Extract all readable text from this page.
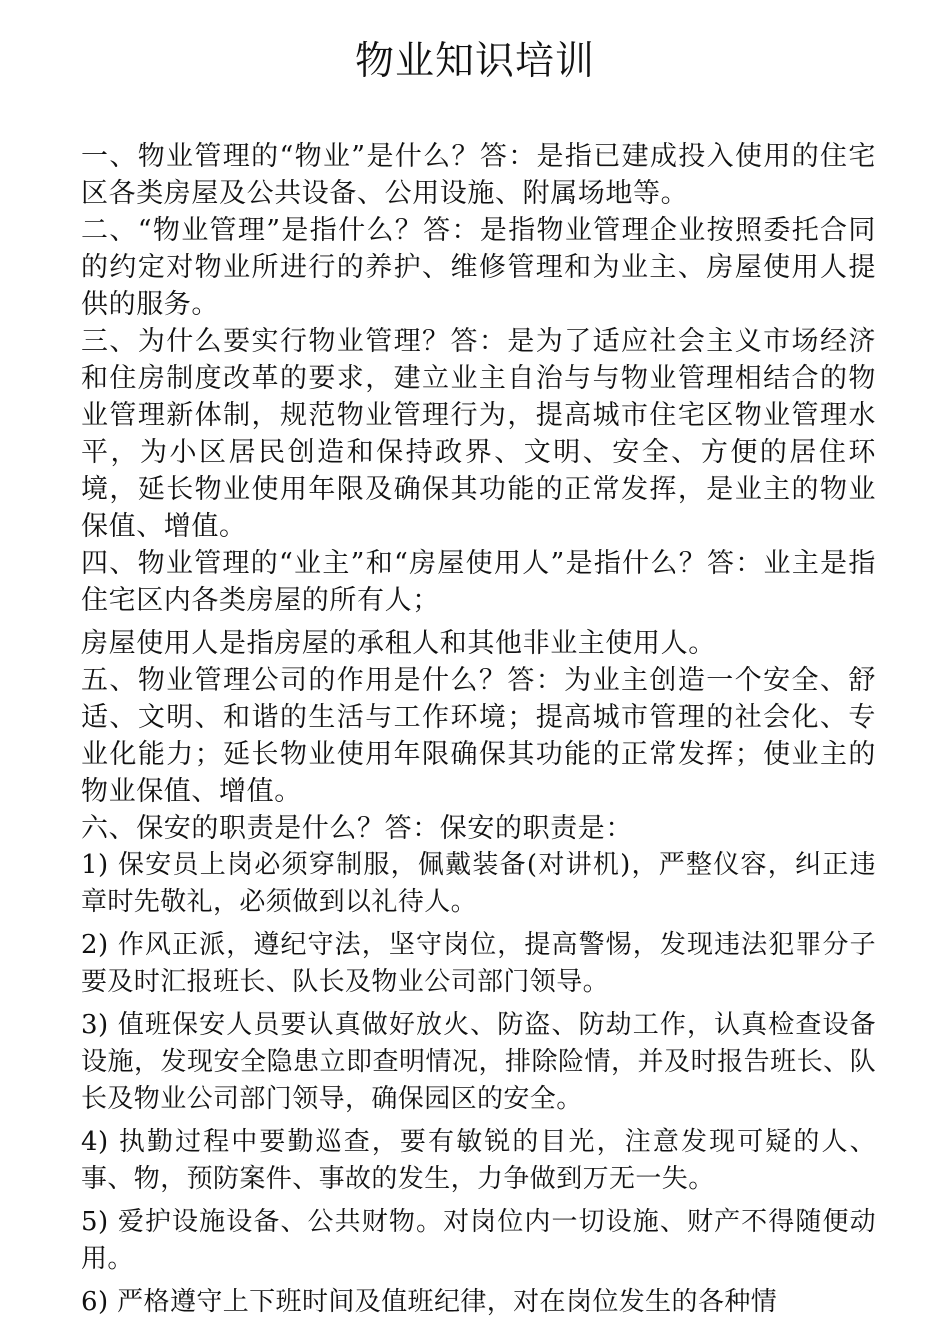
物业知识培训

一、物业管理的“物业”是什么？答：是指已建成投入使用的住宅区各类房屋及公共设备、公用设施、附属场地等。

二、“物业管理”是指什么？答：是指物业管理企业按照委托合同的约定对物业所进行的养护、维修管理和为业主、房屋使用人提供的服务。

三、为什么要实行物业管理？答：是为了适应社会主义市场经济和住房制度改革的要求，建立业主自治与与物业管理相结合的物业管理新体制，规范物业管理行为，提高城市住宅区物业管理水平，为小区居民创造和保持政界、文明、安全、方便的居住环境，延长物业使用年限及确保其功能的正常发挥，是业主的物业保值、增值。

四、物业管理的“业主”和“房屋使用人”是指什么？答：业主是指住宅区内各类房屋的所有人；

房屋使用人是指房屋的承租人和其他非业主使用人。

五、物业管理公司的作用是什么？答：为业主创造一个安全、舒适、文明、和谐的生活与工作环境；提高城市管理的社会化、专业化能力；延长物业使用年限确保其功能的正常发挥；使业主的物业保值、增值。

六、保安的职责是什么？答：保安的职责是：

1) 保安员上岗必须穿制服，佩戴装备(对讲机)，严整仪容，纠正违章时先敬礼，必须做到以礼待人。

2) 作风正派，遵纪守法，坚守岗位，提高警惕，发现违法犯罪分子要及时汇报班长、队长及物业公司部门领导。

3) 值班保安人员要认真做好放火、防盗、防劫工作，认真检查设备设施，发现安全隐患立即查明情况，排除险情，并及时报告班长、队长及物业公司部门领导，确保园区的安全。

4) 执勤过程中要勤巡查，要有敏锐的目光，注意发现可疑的人、事、物，预防案件、事故的发生，力争做到万无一失。

5) 爱护设施设备、公共财物。对岗位内一切设施、财产不得随便动用。

6) 严格遵守上下班时间及值班纪律，对在岗位发生的各种情
